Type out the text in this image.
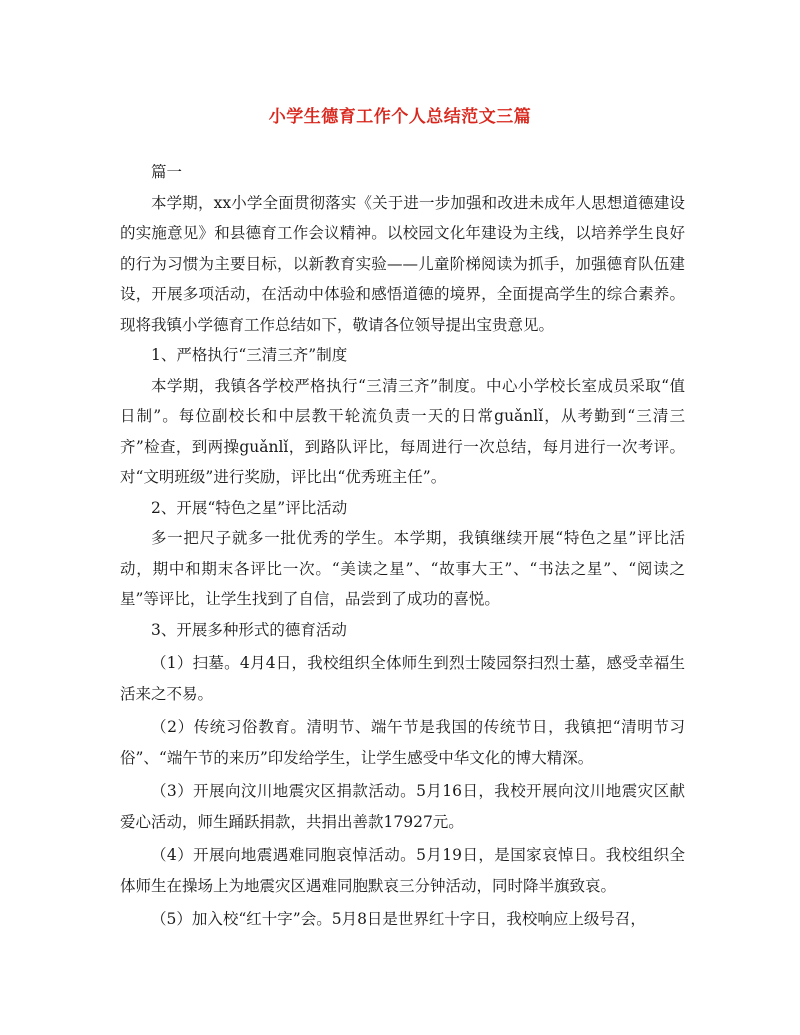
小学生德育工作个人总结范文三篇

篇一

本学期，xx小学全面贯彻落实《关于进一步加强和改进未成年人思想道德建设的实施意见》和县德育工作会议精神。以校园文化年建设为主线，以培养学生良好的行为习惯为主要目标，以新教育实验——儿童阶梯阅读为抓手，加强德育队伍建设，开展多项活动，在活动中体验和感悟道德的境界，全面提高学生的综合素养。现将我镇小学德育工作总结如下，敬请各位领导提出宝贵意见。

1、严格执行“三清三齐”制度

本学期，我镇各学校严格执行“三清三齐”制度。中心小学校长室成员采取“值日制”。每位副校长和中层教干轮流负责一天的日常guǎnlǐ，从考勤到“三清三齐”检查，到两操guǎnlǐ，到路队评比，每周进行一次总结，每月进行一次考评。对“文明班级”进行奖励，评比出“优秀班主任”。

2、开展“特色之星”评比活动

多一把尺子就多一批优秀的学生。本学期，我镇继续开展“特色之星”评比活动，期中和期末各评比一次。“美读之星”、“故事大王”、“书法之星”、“阅读之星”等评比，让学生找到了自信，品尝到了成功的喜悦。

3、开展多种形式的德育活动

（1）扫墓。4月4日，我校组织全体师生到烈士陵园祭扫烈士墓，感受幸福生活来之不易。

（2）传统习俗教育。清明节、端午节是我国的传统节日，我镇把“清明节习俗”、“端午节的来历”印发给学生，让学生感受中华文化的博大精深。

（3）开展向汶川地震灾区捐款活动。5月16日，我校开展向汶川地震灾区献爱心活动，师生踊跃捐款，共捐出善款17927元。

（4）开展向地震遇难同胞哀悼活动。5月19日，是国家哀悼日。我校组织全体师生在操场上为地震灾区遇难同胞默哀三分钟活动，同时降半旗致哀。

（5）加入校“红十字”会。5月8日是世界红十字日，我校响应上级号召，
